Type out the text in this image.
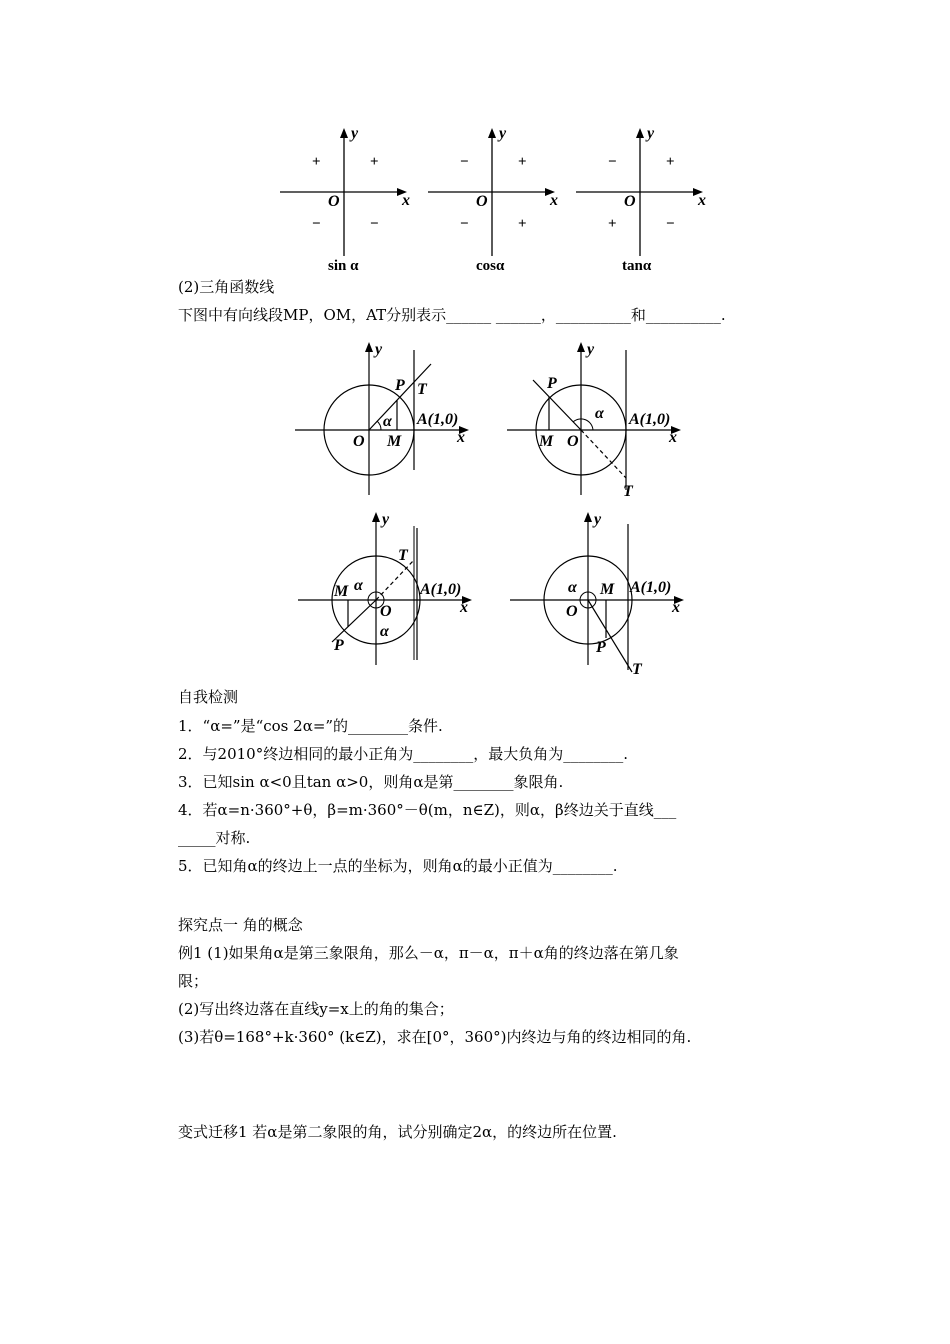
y
x
O
+
+
−	−
sin α
y
x
O
+
−
−	+
cosα
y
x
O
+
−
+	−
tanα
(2)三角函数线
下图中有向线段MP，OM，AT分别表示______ ______，__________和__________.
y
x
O M
P T
A(1,0)
α
y
x
O
M
P
T
A(1,0)
α
y
x
O
M
P
T
A(1,0)
α
α
y
x
O
M
P
T
A(1,0)
α
自我检测
1．“α=”是“cos 2α=”的________条件.
2．与2010°终边相同的最小正角为________，最大负角为________.
3．已知sin α<0且tan α>0，则角α是第________象限角.
4．若α=n·360°+θ，β=m·360°－θ(m，n∈Z)，则α，β终边关于直线___
_____对称.
5．已知角α的终边上一点的坐标为，则角α的最小正值为________.
探究点一 角的概念
例1 (1)如果角α是第三象限角，那么－α，π－α，π＋α角的终边落在第几象
限；
(2)写出终边落在直线y=x上的角的集合；
(3)若θ=168°+k·360° (k∈Z)，求在[0°，360°)内终边与角的终边相同的角.
变式迁移1 若α是第二象限的角，试分别确定2α，的终边所在位置.
